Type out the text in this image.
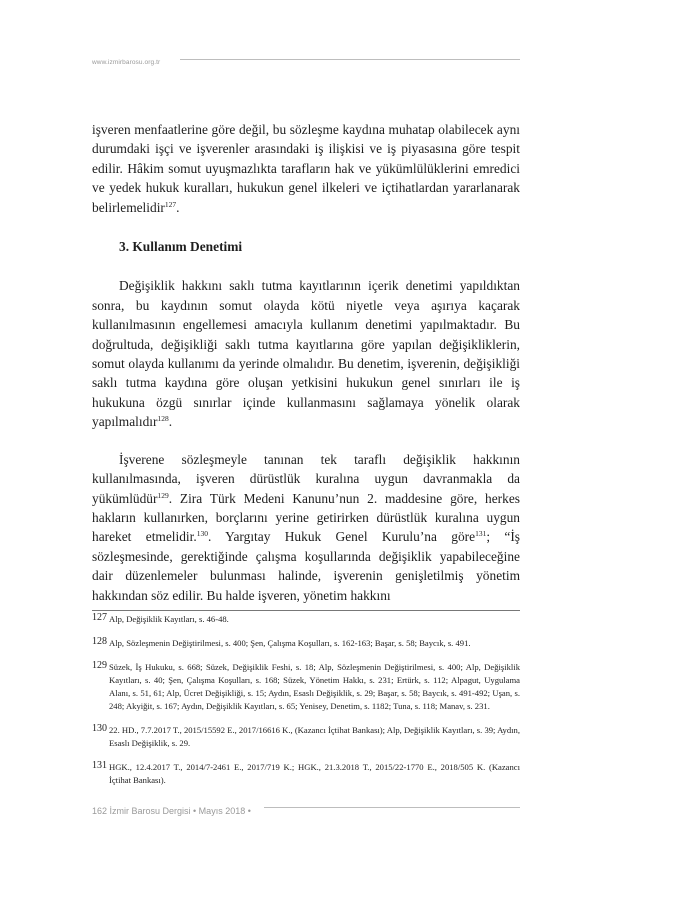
www.izmirbarosu.org.tr

işveren menfaatlerine göre değil, bu sözleşme kaydına muhatap olabilecek aynı durumdaki işçi ve işverenler arasındaki iş ilişkisi ve iş piyasasına göre tespit edilir. Hâkim somut uyuşmazlıkta tarafların hak ve yükümlülüklerini emredici ve yedek hukuk kuralları, hukukun genel ilkeleri ve içtihatlardan yararlanarak belirlemelidir$^{127}$.

3. Kullanım Denetimi

Değişiklik hakkını saklı tutma kayıtlarının içerik denetimi yapıldıktan sonra, bu kaydının somut olayda kötü niyetle veya aşırıya kaçarak kullanılmasının engellemesi amacıyla kullanım denetimi yapılmaktadır. Bu doğrultuda, değişikliği saklı tutma kayıtlarına göre yapılan değişikliklerin, somut olayda kullanımı da yerinde olmalıdır. Bu denetim, işverenin, değişikliği saklı tutma kaydına göre oluşan yetkisini hukukun genel sınırları ile iş hukukuna özgü sınırlar içinde kullanmasını sağlamaya yönelik olarak yapılmalıdır$^{128}$.

İşverene sözleşmeyle tanınan tek taraflı değişiklik hakkının kullanılmasında, işveren dürüstlük kuralına uygun davranmakla da yükümlüdür$^{129}$. Zira Türk Medeni Kanunu’nun 2. maddesine göre, herkes hakların kullanırken, borçlarını yerine getirirken dürüstlük kuralına uygun hareket etmelidir.$^{130}$. Yargıtay Hukuk Genel Kurulu’na göre$^{131}$; “İş sözleşmesinde, gerektiğinde çalışma koşullarında değişiklik yapabileceğine dair düzenlemeler bulunması halinde, işverenin genişletilmiş yönetim hakkından söz edilir. Bu halde işveren, yönetim hakkını

127 Alp, Değişiklik Kayıtları, s. 46-48.
128 Alp, Sözleşmenin Değiştirilmesi, s. 400; Şen, Çalışma Koşulları, s. 162-163; Başar, s. 58; Baycık, s. 491.
129 Süzek, İş Hukuku, s. 668; Süzek, Değişiklik Feshi, s. 18; Alp, Sözleşmenin Değiştirilmesi, s. 400; Alp, Değişiklik Kayıtları, s. 40; Şen, Çalışma Koşulları, s. 168; Süzek, Yönetim Hakkı, s. 231; Ertürk, s. 112; Alpagut, Uygulama Alanı, s. 51, 61; Alp, Ücret Değişikliği, s. 15; Aydın, Esaslı Değişiklik, s. 29; Başar, s. 58; Baycık, s. 491-492; Uşan, s. 248; Akyiğit, s. 167; Aydın, Değişiklik Kayıtları, s. 65; Yenisey, Denetim, s. 1182; Tuna, s. 118; Manav, s. 231.
130 22. HD., 7.7.2017 T., 2015/15592 E., 2017/16616 K., (Kazancı İçtihat Bankası); Alp, Değişiklik Kayıtları, s. 39; Aydın, Esaslı Değişiklik, s. 29.
131 HGK., 12.4.2017 T., 2014/7-2461 E., 2017/719 K.; HGK., 21.3.2018 T., 2015/22-1770 E., 2018/505 K. (Kazancı İçtihat Bankası).
162 İzmir Barosu Dergisi • Mayıs 2018 •
